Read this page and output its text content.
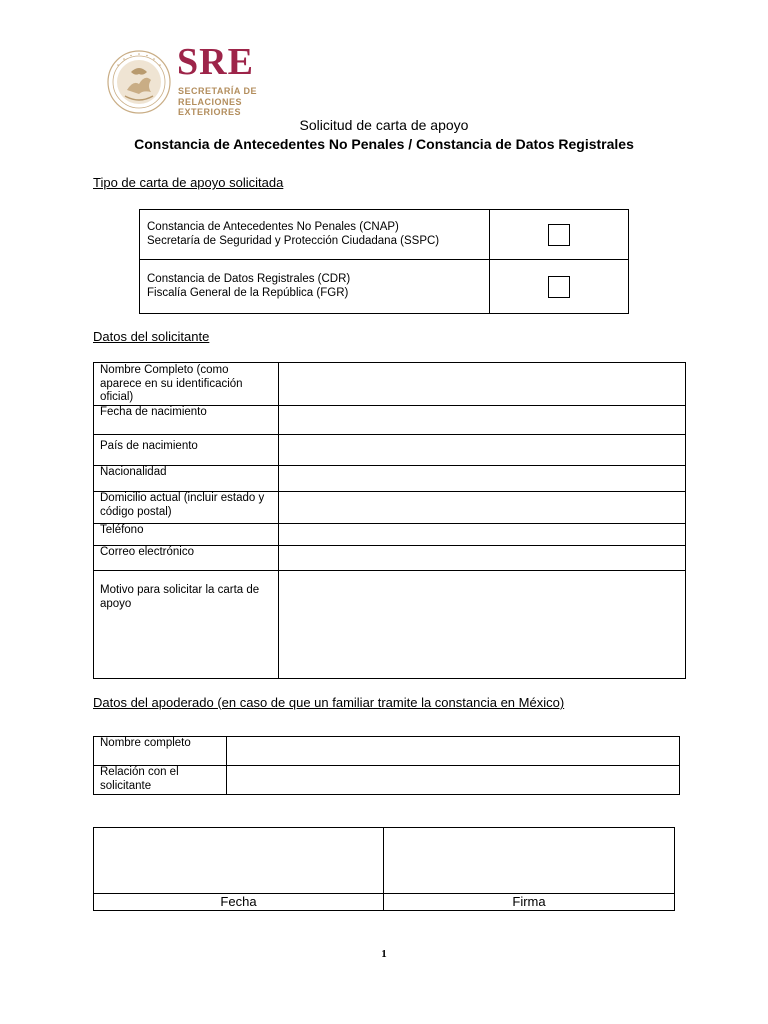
SRE
SECRETARÍA DE
RELACIONES
EXTERIORES
Solicitud de carta de apoyo
Constancia de Antecedentes No Penales / Constancia de Datos Registrales
Tipo de carta de apoyo solicitada
Constancia de Antecedentes No Penales (CNAP)
Secretaría de Seguridad y Protección Ciudadana (SSPC)	

Constancia de Datos Registrales (CDR)
Fiscalía General de la República (FGR)	

Datos del solicitante
Nombre Completo (como aparece en su identificación oficial)	
Fecha de nacimiento	
País de nacimiento	
Nacionalidad	
Domicilio actual (incluir estado y código postal)	
Teléfono	
Correo electrónico	
Motivo para solicitar la carta de apoyo	
Datos del apoderado (en caso de que un familiar tramite la constancia en México)
Nombre completo	
Relación con el solicitante	

Fecha	Firma
1
